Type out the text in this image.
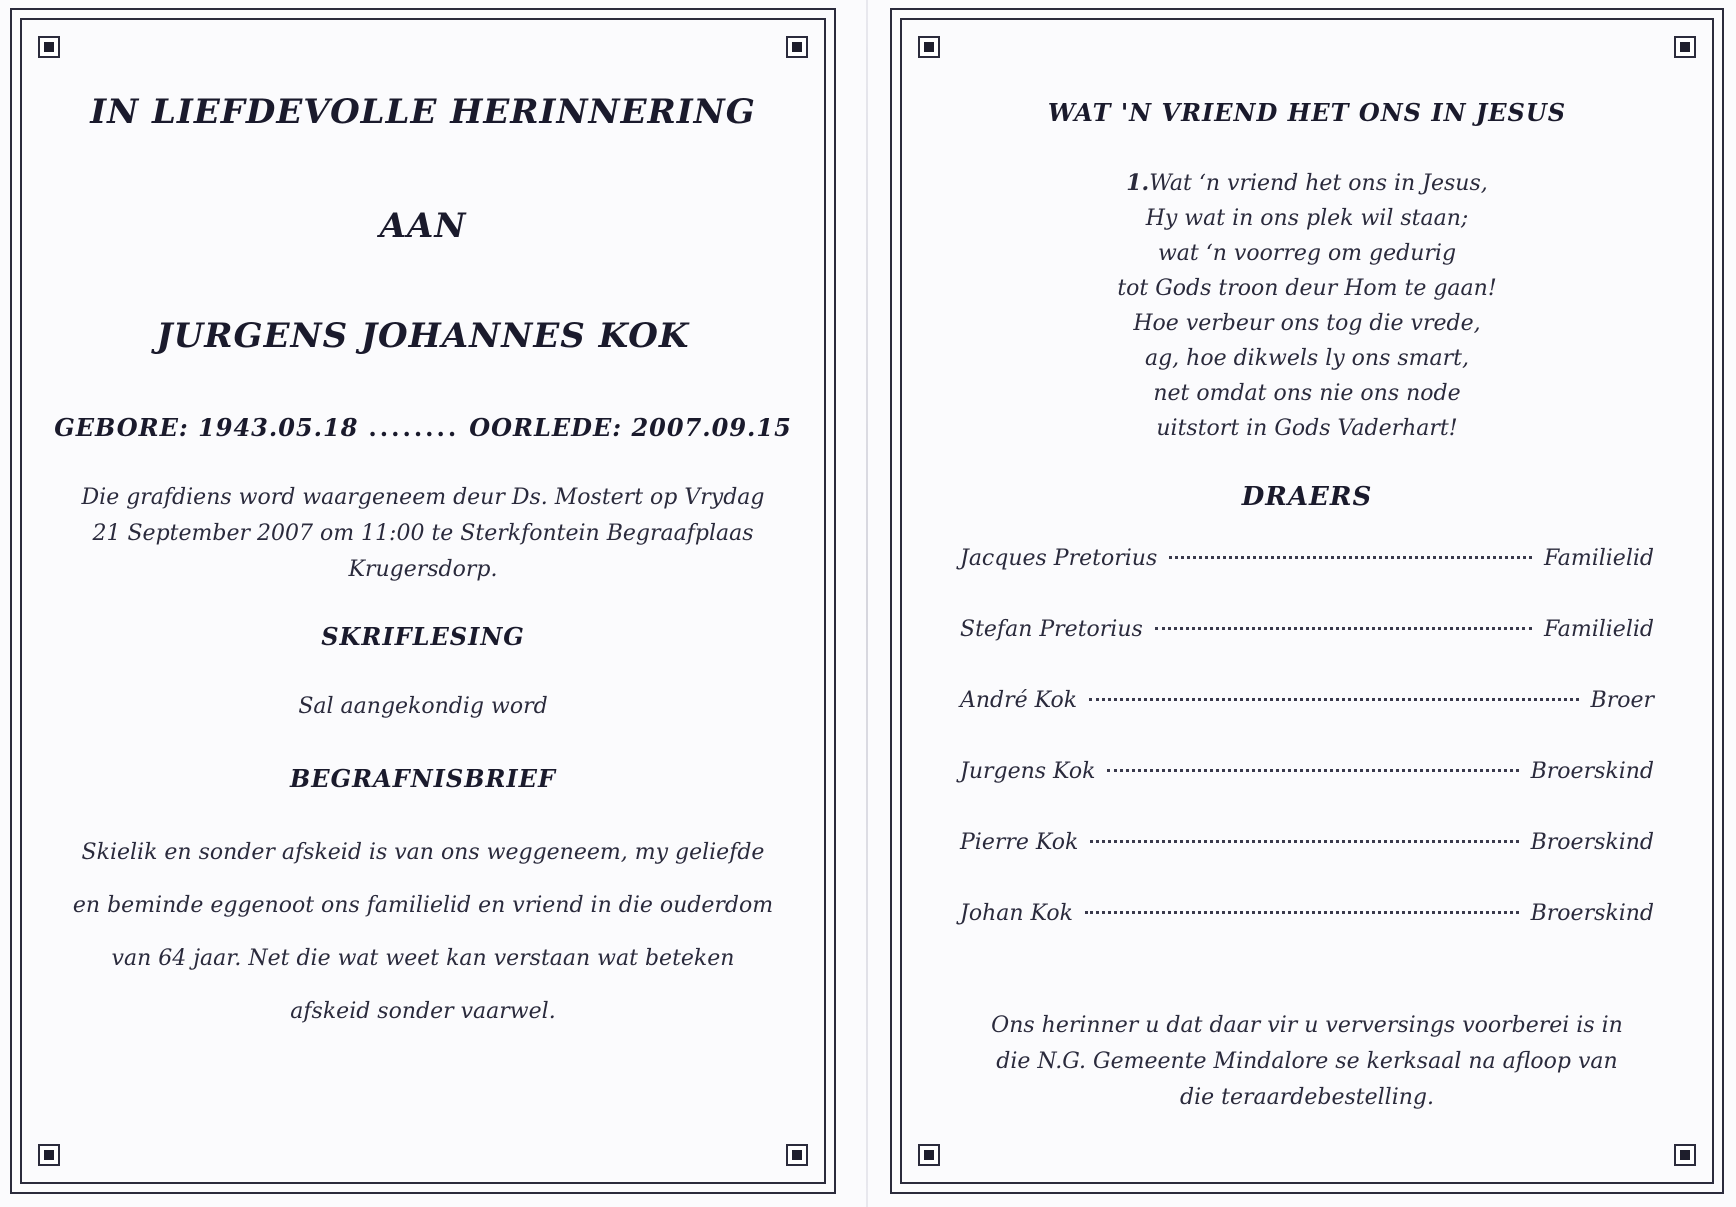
IN LIEFDEVOLLE HERINNERING
AAN
JURGENS JOHANNES KOK
GEBORE: 1943.05.18 ........ OORLEDE: 2007.09.15

Die grafdiens word waargeneem deur Ds. Mostert op Vrydag 21 September 2007 om 11:00 te Sterkfontein Begraafplaas Krugersdorp.

SKRIFLESING

Sal aangekondig word

BEGRAFNISBRIEF

Skielik en sonder afskeid is van ons weggeneem, my geliefde en beminde eggenoot ons familielid en vriend in die ouderdom van 64 jaar. Net die wat weet kan verstaan wat beteken afskeid sonder vaarwel.

WAT 'N VRIEND HET ONS IN JESUS
1.Wat ‘n vriend het ons in Jesus,
Hy wat in ons plek wil staan;
wat ‘n voorreg om gedurig
tot Gods troon deur Hom te gaan!
Hoe verbeur ons tog die vrede,
ag, hoe dikwels ly ons smart,
net omdat ons nie ons node
uitstort in Gods Vaderhart!
DRAERS
Jacques Pretorius	Familielid
Stefan Pretorius	Familielid
André Kok	Broer
Jurgens Kok	Broerskind
Pierre Kok	Broerskind
Johan Kok	Broerskind

Ons herinner u dat daar vir u verversings voorberei is in die N.G. Gemeente Mindalore se kerksaal na afloop van die teraardebestelling.
